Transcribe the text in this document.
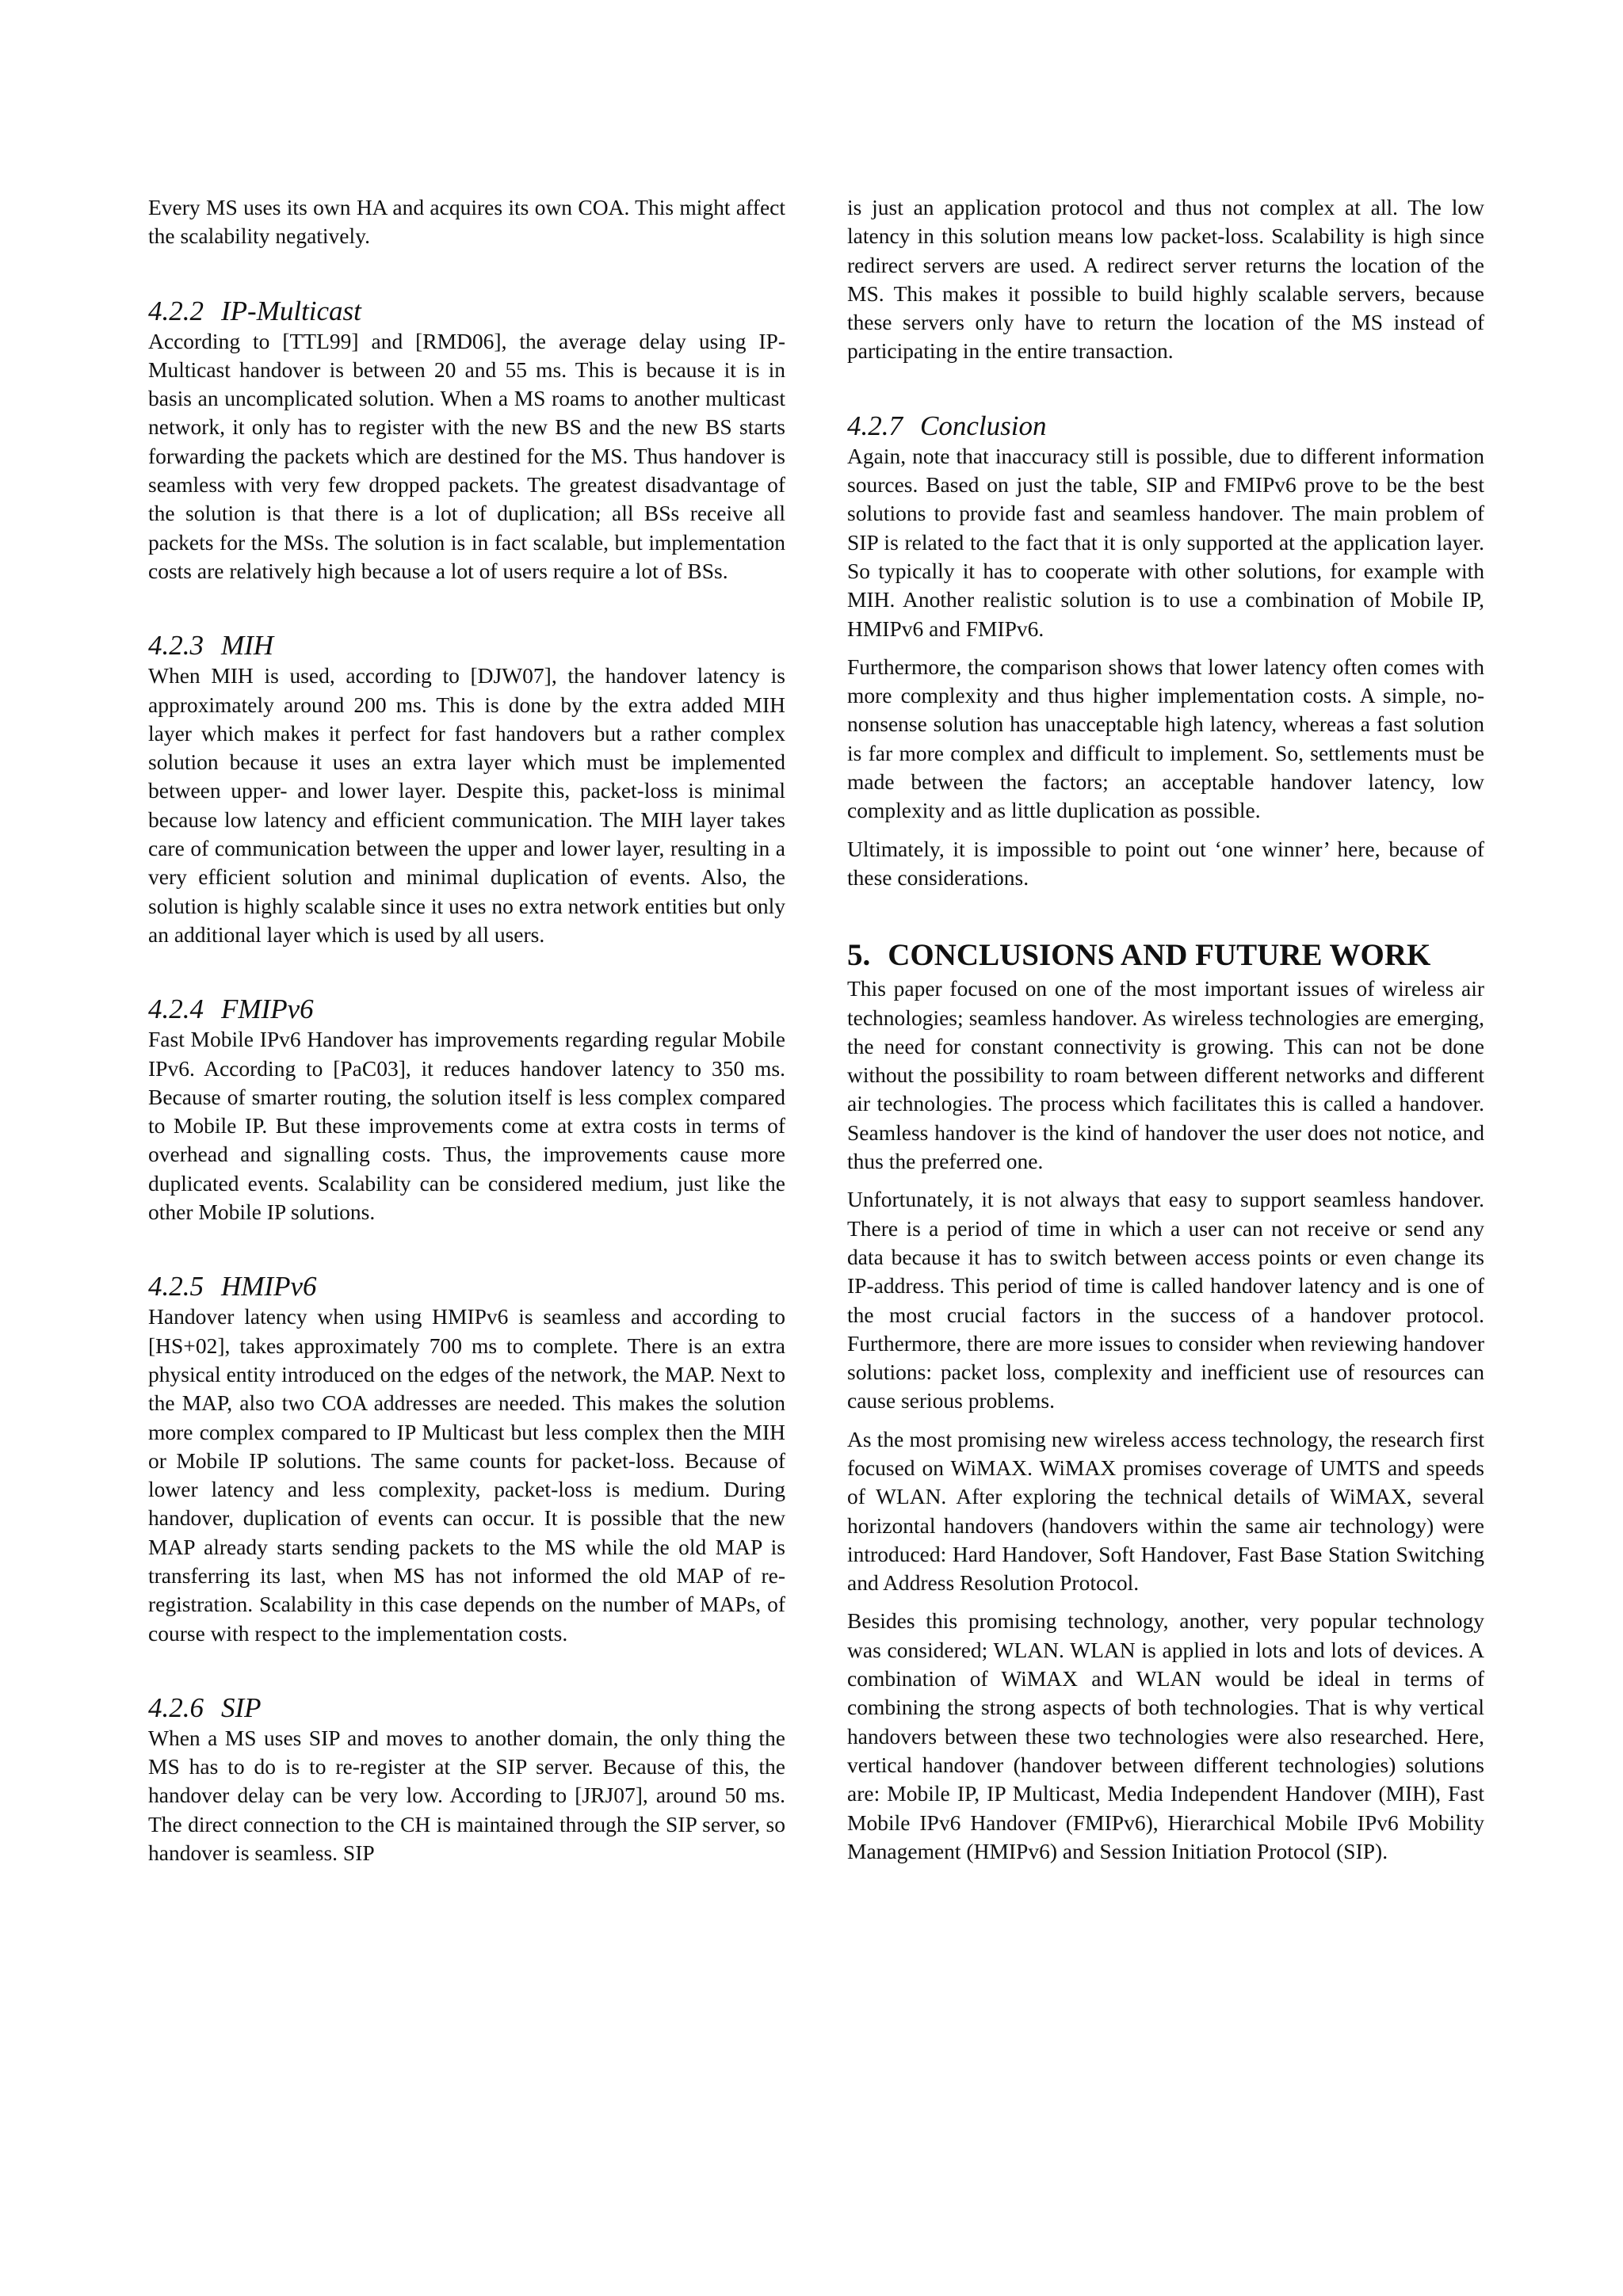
Every MS uses its own HA and acquires its own COA. This might affect the scalability negatively.

4.2.2 IP-Multicast

According to [TTL99] and [RMD06], the average delay using IP-Multicast handover is between 20 and 55 ms. This is because it is in basis an uncomplicated solution. When a MS roams to another multicast network, it only has to register with the new BS and the new BS starts forwarding the packets which are destined for the MS. Thus handover is seamless with very few dropped packets. The greatest disadvantage of the solution is that there is a lot of duplication; all BSs receive all packets for the MSs. The solution is in fact scalable, but implementation costs are relatively high because a lot of users require a lot of BSs.

4.2.3 MIH

When MIH is used, according to [DJW07], the handover latency is approximately around 200 ms. This is done by the extra added MIH layer which makes it perfect for fast handovers but a rather complex solution because it uses an extra layer which must be implemented between upper- and lower layer. Despite this, packet-loss is minimal because low latency and efficient communication. The MIH layer takes care of communication between the upper and lower layer, resulting in a very efficient solution and minimal duplication of events. Also, the solution is highly scalable since it uses no extra network entities but only an additional layer which is used by all users.

4.2.4 FMIPv6

Fast Mobile IPv6 Handover has improvements regarding regular Mobile IPv6. According to [PaC03], it reduces handover latency to 350 ms. Because of smarter routing, the solution itself is less complex compared to Mobile IP. But these improvements come at extra costs in terms of overhead and signalling costs. Thus, the improvements cause more duplicated events. Scalability can be considered medium, just like the other Mobile IP solutions.

4.2.5 HMIPv6

Handover latency when using HMIPv6 is seamless and according to [HS+02], takes approximately 700 ms to complete. There is an extra physical entity introduced on the edges of the network, the MAP. Next to the MAP, also two COA addresses are needed. This makes the solution more complex compared to IP Multicast but less complex then the MIH or Mobile IP solutions. The same counts for packet-loss. Because of lower latency and less complexity, packet-loss is medium. During handover, duplication of events can occur. It is possible that the new MAP already starts sending packets to the MS while the old MAP is transferring its last, when MS has not informed the old MAP of re-registration. Scalability in this case depends on the number of MAPs, of course with respect to the implementation costs.

4.2.6 SIP

When a MS uses SIP and moves to another domain, the only thing the MS has to do is to re-register at the SIP server. Because of this, the handover delay can be very low. According to [JRJ07], around 50 ms. The direct connection to the CH is maintained through the SIP server, so handover is seamless. SIP

is just an application protocol and thus not complex at all. The low latency in this solution means low packet-loss. Scalability is high since redirect servers are used. A redirect server returns the location of the MS. This makes it possible to build highly scalable servers, because these servers only have to return the location of the MS instead of participating in the entire transaction.

4.2.7 Conclusion

Again, note that inaccuracy still is possible, due to different information sources. Based on just the table, SIP and FMIPv6 prove to be the best solutions to provide fast and seamless handover. The main problem of SIP is related to the fact that it is only supported at the application layer. So typically it has to cooperate with other solutions, for example with MIH. Another realistic solution is to use a combination of Mobile IP, HMIPv6 and FMIPv6.

Furthermore, the comparison shows that lower latency often comes with more complexity and thus higher implementation costs. A simple, no-nonsense solution has unacceptable high latency, whereas a fast solution is far more complex and difficult to implement. So, settlements must be made between the factors; an acceptable handover latency, low complexity and as little duplication as possible.

Ultimately, it is impossible to point out ‘one winner’ here, because of these considerations.

5. CONCLUSIONS AND FUTURE WORK

This paper focused on one of the most important issues of wireless air technologies; seamless handover. As wireless technologies are emerging, the need for constant connectivity is growing. This can not be done without the possibility to roam between different networks and different air technologies. The process which facilitates this is called a handover. Seamless handover is the kind of handover the user does not notice, and thus the preferred one.

Unfortunately, it is not always that easy to support seamless handover. There is a period of time in which a user can not receive or send any data because it has to switch between access points or even change its IP-address. This period of time is called handover latency and is one of the most crucial factors in the success of a handover protocol. Furthermore, there are more issues to consider when reviewing handover solutions: packet loss, complexity and inefficient use of resources can cause serious problems.

As the most promising new wireless access technology, the research first focused on WiMAX. WiMAX promises coverage of UMTS and speeds of WLAN. After exploring the technical details of WiMAX, several horizontal handovers (handovers within the same air technology) were introduced: Hard Handover, Soft Handover, Fast Base Station Switching and Address Resolution Protocol.

Besides this promising technology, another, very popular technology was considered; WLAN. WLAN is applied in lots and lots of devices. A combination of WiMAX and WLAN would be ideal in terms of combining the strong aspects of both technologies. That is why vertical handovers between these two technologies were also researched. Here, vertical handover (handover between different technologies) solutions are: Mobile IP, IP Multicast, Media Independent Handover (MIH), Fast Mobile IPv6 Handover (FMIPv6), Hierarchical Mobile IPv6 Mobility Management (HMIPv6) and Session Initiation Protocol (SIP).
